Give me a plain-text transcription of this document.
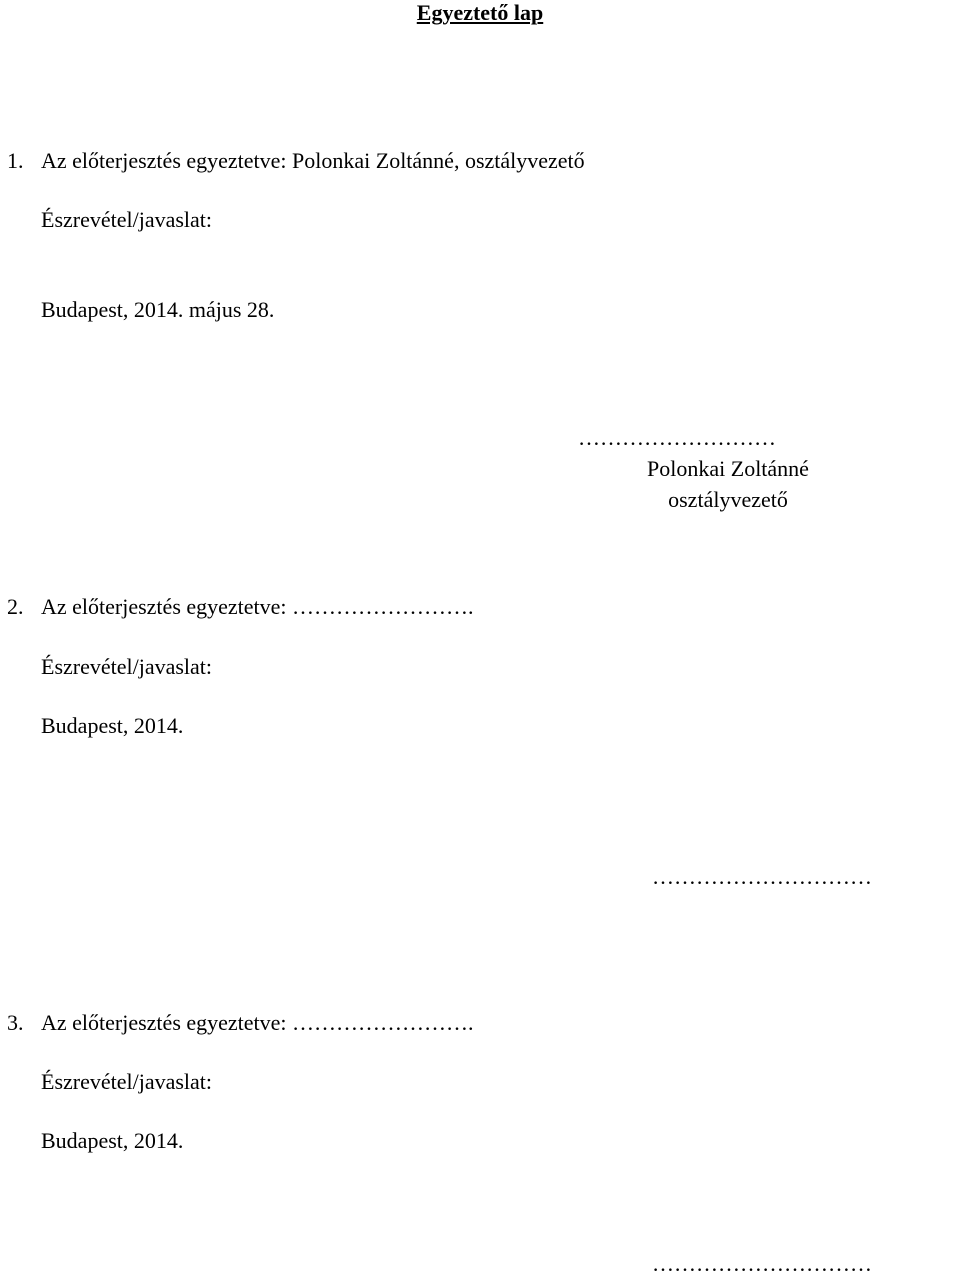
Egyeztető lap
1. Az előterjesztés egyeztetve: Polonkai Zoltánné, osztályvezető
Észrevétel/javaslat:
Budapest, 2014. május 28.
………………………
Polonkai Zoltánné
osztályvezető
2. Az előterjesztés egyeztetve: …………………….
Észrevétel/javaslat:
Budapest, 2014.
…………………………
3. Az előterjesztés egyeztetve: …………………….
Észrevétel/javaslat:
Budapest, 2014.
…………………………
